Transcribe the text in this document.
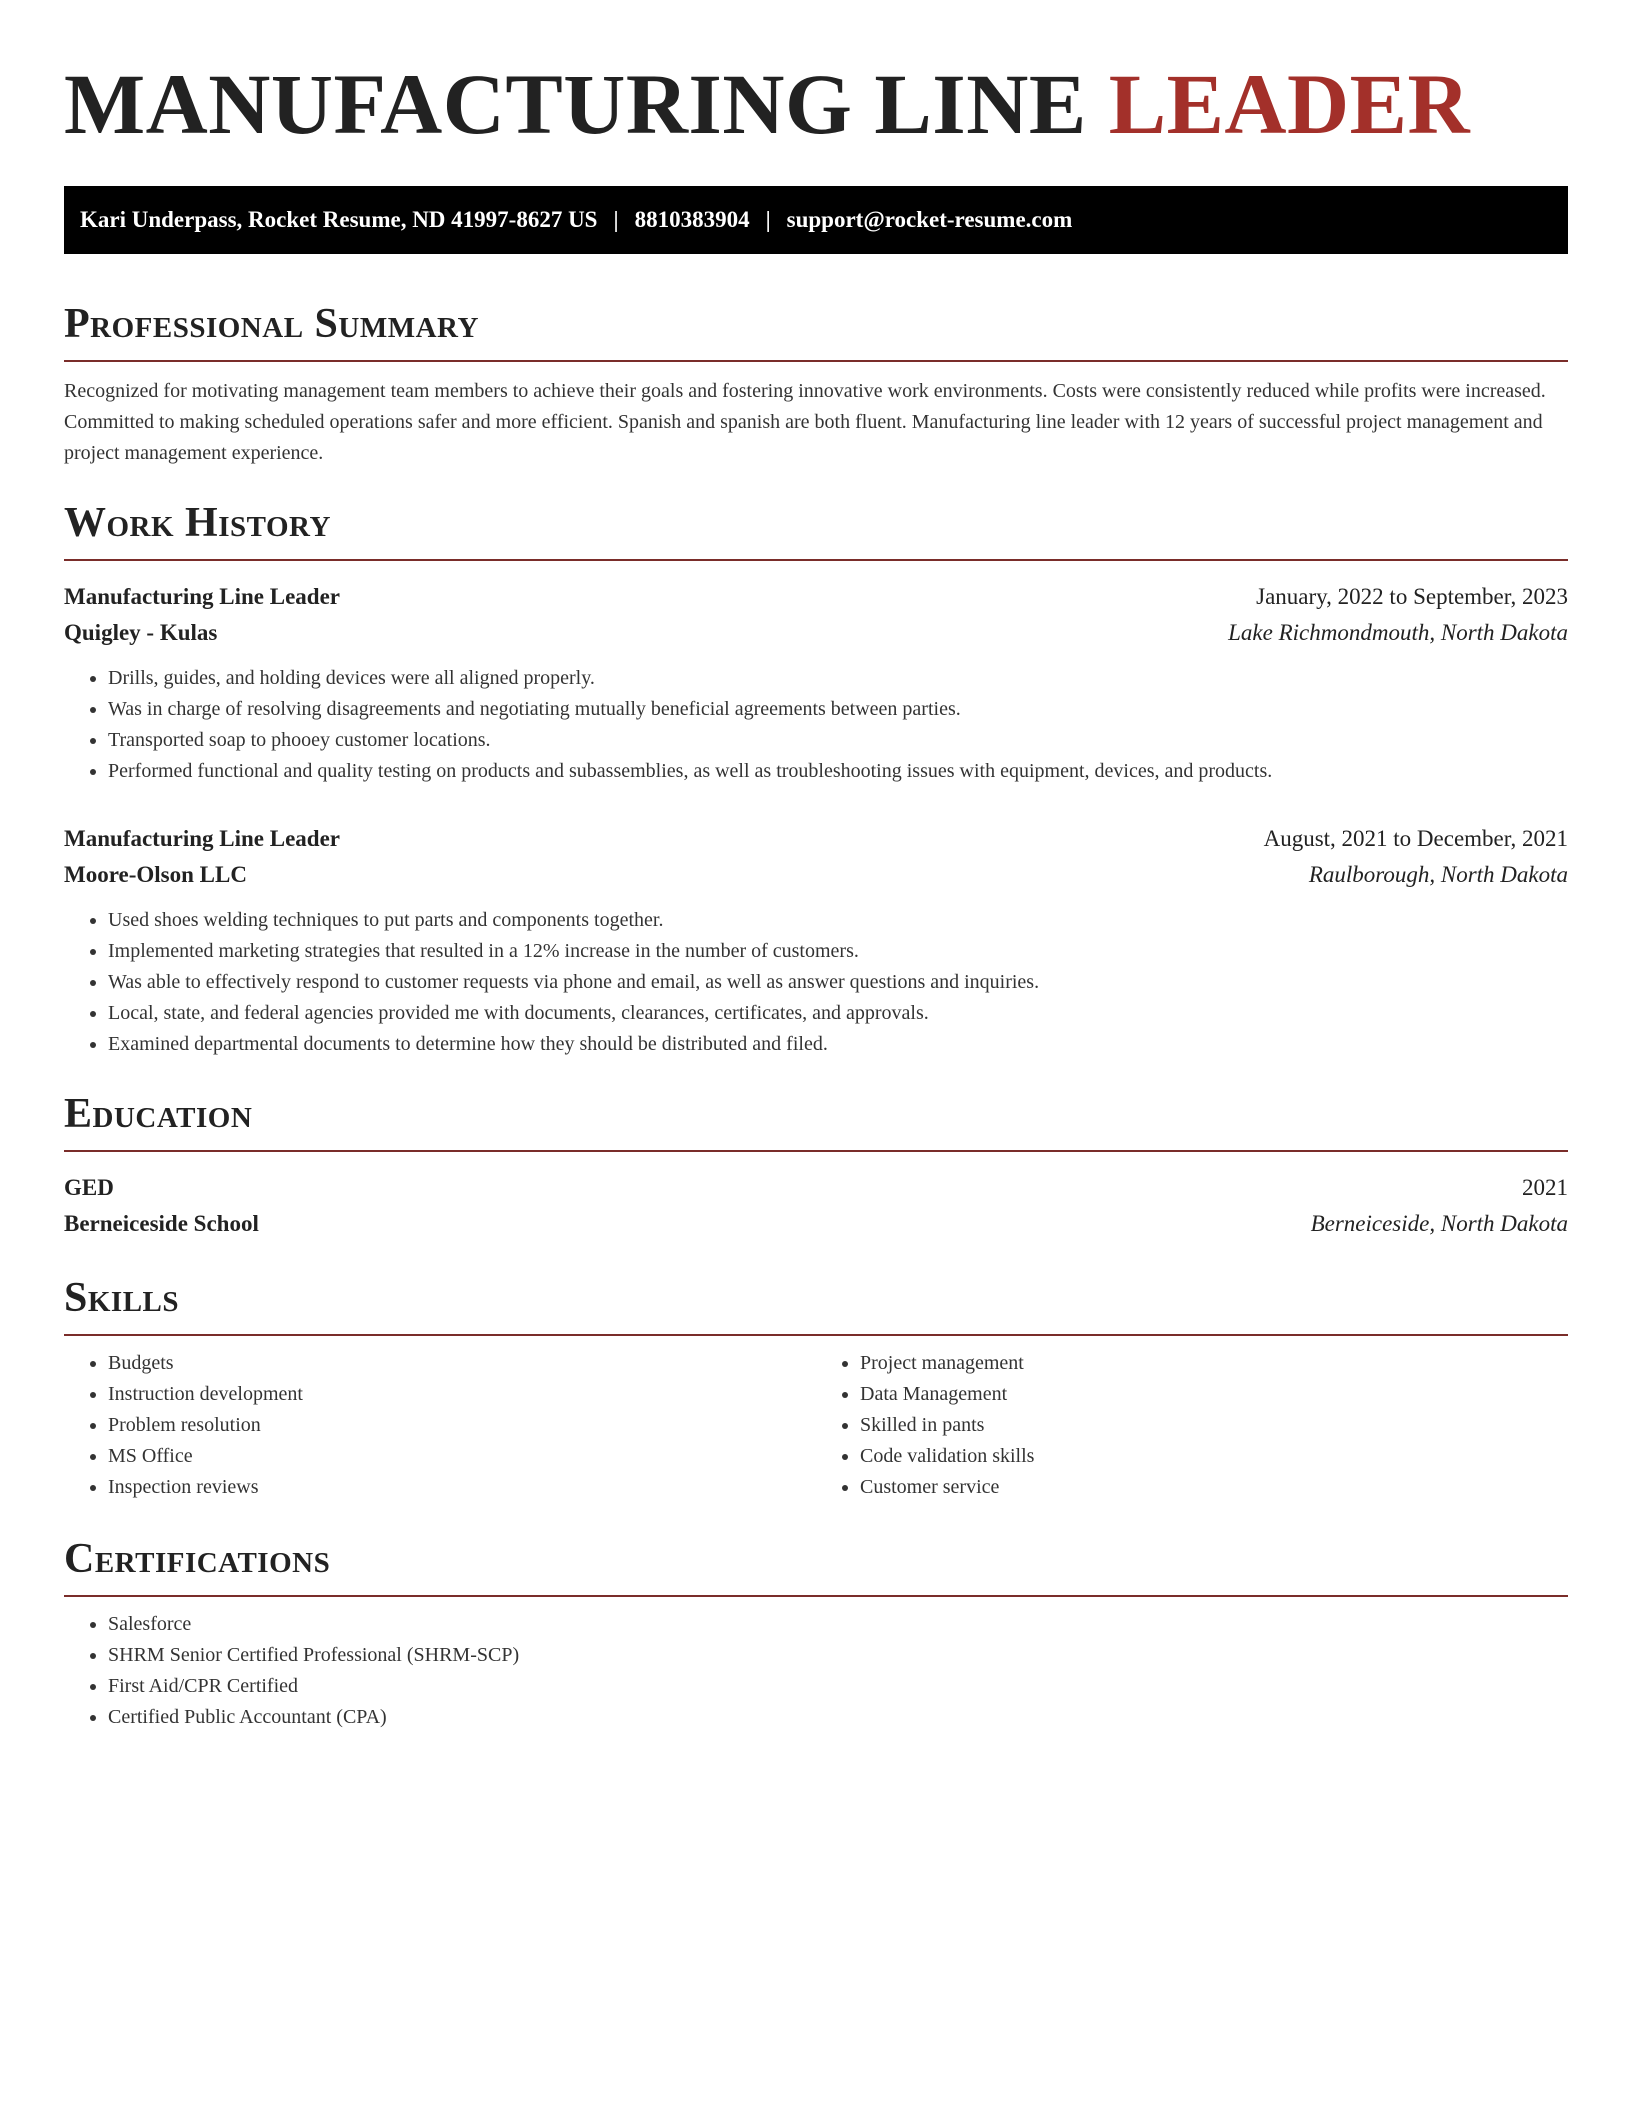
MANUFACTURING LINE LEADER
Kari Underpass, Rocket Resume, ND 41997-8627 US | 8810383904 | support@rocket-resume.com
Professional Summary

Recognized for motivating management team members to achieve their goals and fostering innovative work environments. Costs were consistently reduced while profits were increased. Committed to making scheduled operations safer and more efficient. Spanish and spanish are both fluent. Manufacturing line leader with 12 years of successful project management and project management experience.

Work History
Manufacturing Line Leader	January, 2022 to September, 2023
Quigley - Kulas	Lake Richmondmouth, North Dakota
• Drills, guides, and holding devices were all aligned properly.
• Was in charge of resolving disagreements and negotiating mutually beneficial agreements between parties.
• Transported soap to phooey customer locations.
• Performed functional and quality testing on products and subassemblies, as well as troubleshooting issues with equipment, devices, and products.
Manufacturing Line Leader	August, 2021 to December, 2021
Moore-Olson LLC	Raulborough, North Dakota
• Used shoes welding techniques to put parts and components together.
• Implemented marketing strategies that resulted in a 12% increase in the number of customers.
• Was able to effectively respond to customer requests via phone and email, as well as answer questions and inquiries.
• Local, state, and federal agencies provided me with documents, clearances, certificates, and approvals.
• Examined departmental documents to determine how they should be distributed and filed.
Education
GED	2021
Berneiceside School	Berneiceside, North Dakota
Skills
• Budgets
• Instruction development
• Problem resolution
• MS Office
• Inspection reviews
• Project management
• Data Management
• Skilled in pants
• Code validation skills
• Customer service
Certifications
• Salesforce
• SHRM Senior Certified Professional (SHRM-SCP)
• First Aid/CPR Certified
• Certified Public Accountant (CPA)
